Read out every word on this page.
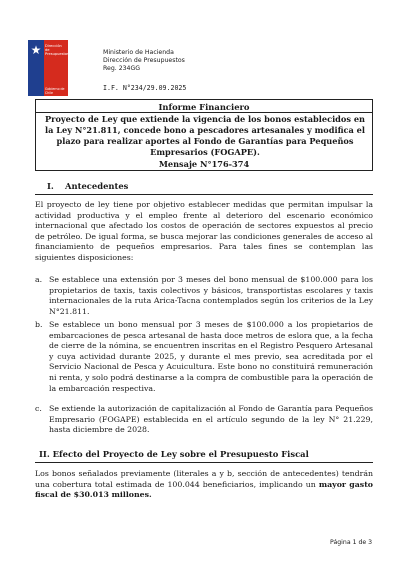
★ Dirección de
Presupuestos
Gobierno de Chile
Ministerio de Hacienda
Dirección de Presupuestos
Reg. 234GG
I.F. N°234/29.09.2025
Informe Financiero
Proyecto de Ley que extiende la vigencia de los bonos establecidos en la Ley N°21.811, concede bono a pescadores artesanales y modifica el plazo para realizar aportes al Fondo de Garantías para Pequeños Empresarios (FOGAPE).
Mensaje N°176-374
I. Antecedentes
El proyecto de ley tiene por objetivo establecer medidas que permitan impulsar la actividad productiva y el empleo frente al deterioro del escenario económico internacional que afectado los costos de operación de sectores expuestos al precio de petróleo. De igual forma, se busca mejorar las condiciones generales de acceso al financiamiento de pequeños empresarios. Para tales fines se contemplan las siguientes disposiciones:
a. Se establece una extensión por 3 meses del bono mensual de $100.000 para los propietarios de taxis, taxis colectivos y básicos, transportistas escolares y taxis internacionales de la ruta Arica-Tacna contemplados según los criterios de la Ley N°21.811.
b. Se establece un bono mensual por 3 meses de $100.000 a los propietarios de embarcaciones de pesca artesanal de hasta doce metros de eslora que, a la fecha de cierre de la nómina, se encuentren inscritas en el Registro Pesquero Artesanal y cuya actividad durante 2025, y durante el mes previo, sea acreditada por el Servicio Nacional de Pesca y Acuicultura. Este bono no constituirá remuneración ni renta, y solo podrá destinarse a la compra de combustible para la operación de la embarcación respectiva.
c. Se extiende la autorización de capitalización al Fondo de Garantía para Pequeños Empresario (FOGAPE) establecida en el artículo segundo de la ley N° 21.229, hasta diciembre de 2028.
II. Efecto del Proyecto de Ley sobre el Presupuesto Fiscal
Los bonos señalados previamente (literales a y b, sección de antecedentes) tendrán una cobertura total estimada de 100.044 beneficiarios, implicando un mayor gasto fiscal de $30.013 millones.
Página 1 de 3
